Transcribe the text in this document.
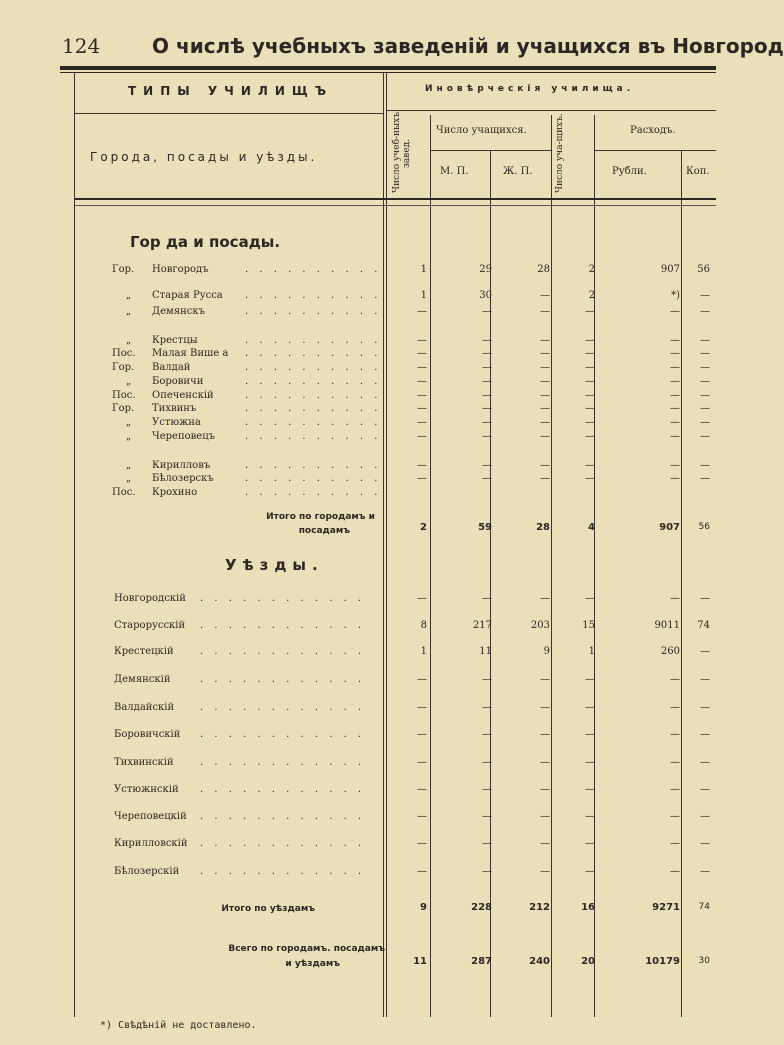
124	О числѣ учебныхъ заведеній и учащихся въ Новгород
ТИПЫ УЧИЛИЩЪ
Города, посады и уѣзды.
Иновѣрческія училища.
Число учеб-ныхъ завед.
Число учащихся.
М. П.	Ж. П.	Число уча-щихъ.	Расходъ.
Рубли.	Коп.
Гор да и посады.
Уѣзды.
Гор. Новгородъ	. . . . . . . . . .	1	29	28	2	907	56
„ Старая Русса . . . . . . . . . .	1	30	—	2	*)	—
„ Демянскъ	. . . . . . . . . .	—	—	—	—	—	—
„ Крестцы	. . . . . . . . . .	—	—	—	—	—	—
Пос. Малая Више а . . . . . . . . . .	—	—	—	—	—	—
Гор. Валдай	. . . . . . . . . .	—	—	—	—	—	—
„ Боровичи	. . . . . . . . . .	—	—	—	—	—	—
Пос. Опеченскій	. . . . . . . . . .	—	—	—	—	—	—
Гор. Тихвинъ	. . . . . . . . . .	—	—	—	—	—	—
„ Устюжна	. . . . . . . . . .	—	—	—	—	—	—
„ Череповецъ	. . . . . . . . . .	—	—	—	—	—	—
„ Кирилловъ	. . . . . . . . . .	—	—	—	—	—	—
„ Бѣлозерскъ	. . . . . . . . . .	—	—	—	—	—	—
Пос. Крохино	. . . . . . . . . .
Новгородскій . . . . . . . . . . . .	—	—	—	—	—	—
Старорусскій . . . . . . . . . . . .	8	217	203	15	9011	74
Крестецкій	. . . . . . . . . . . .	1	11	9	1	260	—
Демянскій	. . . . . . . . . . . .	—	—	—	—	—	—
Валдайскій	. . . . . . . . . . . .	—	—	—	—	—	—
Боровичскій . . . . . . . . . . . .	—	—	—	—	—	—
Тихвинскій	. . . . . . . . . . . .	—	—	—	—	—	—
Устюжнскій . . . . . . . . . . . .	—	—	—	—	—	—
Череповецкій . . . . . . . . . . . .	—	—	—	—	—	—
Кирилловскій . . . . . . . . . . . .	—	—	—	—	—	—
Бѣлозерскій . . . . . . . . . . . .	—	—	—	—	—	—
Итого по городамъ и
посадамъ	2	59	28	4	907	56
Итого по уѣздамъ	9	228	212	16	9271	74
Всего по городамъ. посадамъ
и уѣздамъ	11	287	240	20	10179	30
*) Свѣдѣній не доставлено.
